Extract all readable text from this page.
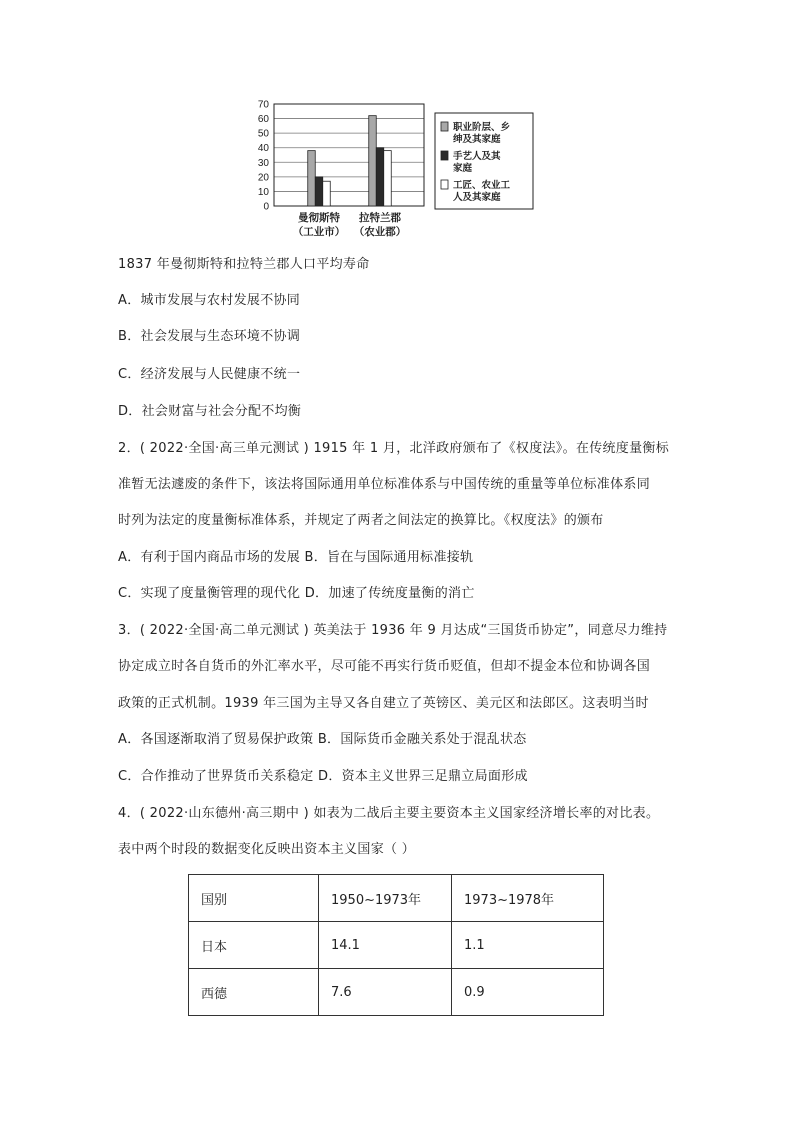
0
10
20
30
40
50
60
70
曼彻斯特
（工业市）
拉特兰郡
（农业郡）
职业阶层、乡
绅及其家庭
手艺人及其
家庭
工匠、农业工
人及其家庭
1837 年曼彻斯特和拉特兰郡人口平均寿命
A．城市发展与农村发展不协同
B．社会发展与生态环境不协调
C．经济发展与人民健康不统一
D．社会财富与社会分配不均衡
2．( 2022·全国·高三单元测试 ) 1915 年 1 月，北洋政府颁布了《权度法》。在传统度量衡标
准暂无法遽废的条件下，该法将国际通用单位标准体系与中国传统的重量等单位标准体系同
时列为法定的度量衡标准体系，并规定了两者之间法定的换算比。《权度法》的颁布
A．有利于国内商品市场的发展 B．旨在与国际通用标准接轨
C．实现了度量衡管理的现代化 D．加速了传统度量衡的消亡
3．( 2022·全国·高二单元测试 ) 英美法于 1936 年 9 月达成“三国货币协定”，同意尽力维持
协定成立时各自货币的外汇率水平，尽可能不再实行货币贬值，但却不提金本位和协调各国
政策的正式机制。1939 年三国为主导又各自建立了英镑区、美元区和法郎区。这表明当时
A．各国逐渐取消了贸易保护政策 B．国际货币金融关系处于混乱状态
C．合作推动了世界货币关系稳定 D．资本主义世界三足鼎立局面形成
4．( 2022·山东德州·高三期中 ) 如表为二战后主要主要资本主义国家经济增长率的对比表。
表中两个时段的数据变化反映出资本主义国家（ ）
国别	1950~1973年	1973~1978年
日本	14.1	1.1
西德	7.6	0.9
